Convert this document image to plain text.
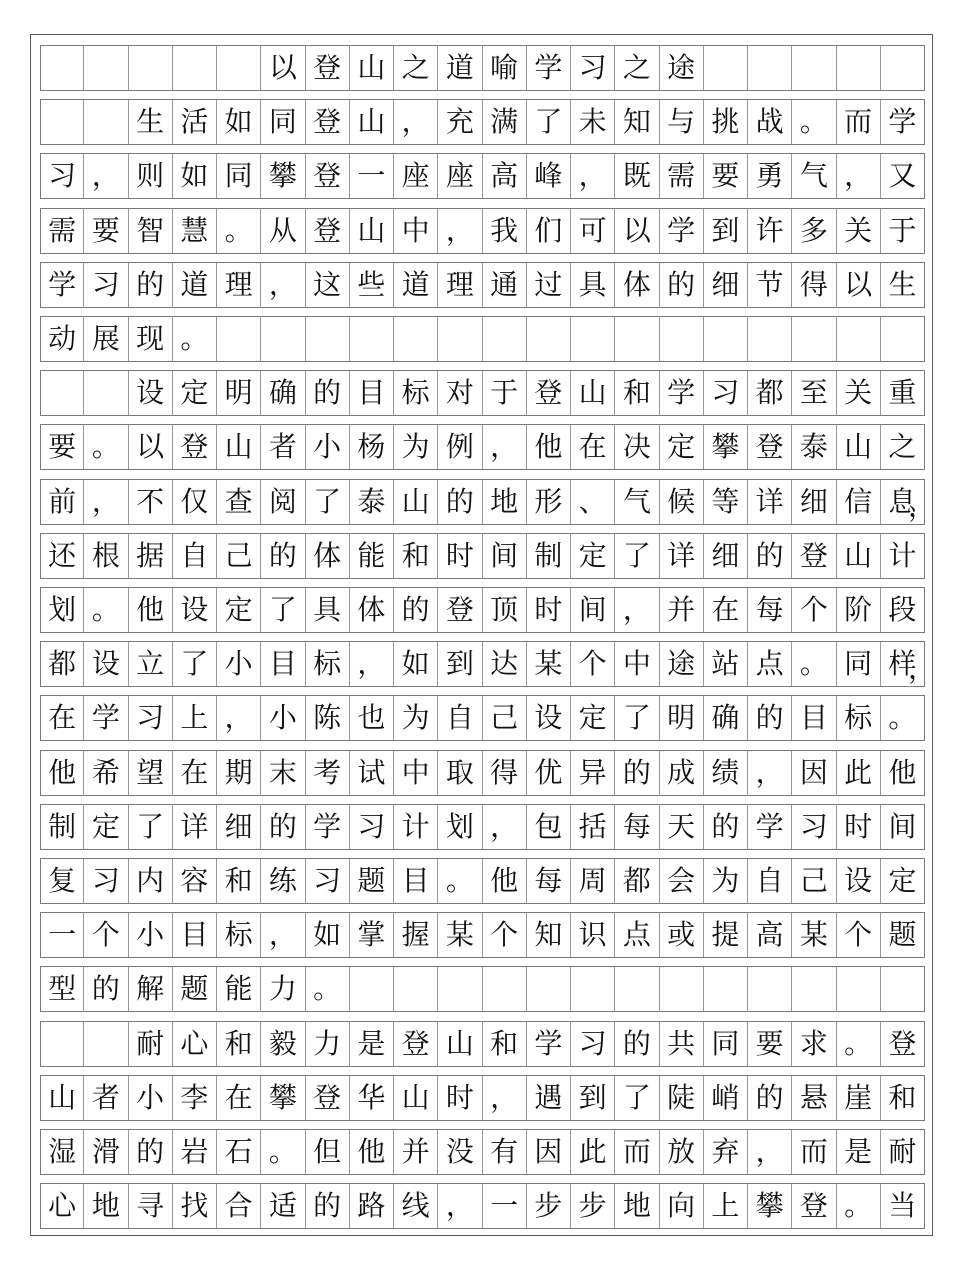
以 登 山 之 道 喻 学 习 之 途
生 活 如 同 登 山 ， 充 满 了 未 知 与 挑 战 。 而 学
习 ， 则 如 同 攀 登 一 座 座 高 峰 ， 既 需 要 勇 气 ， 又
需 要 智 慧 。 从 登 山 中 ， 我 们 可 以 学 到 许 多 关 于
学 习 的 道 理 ， 这 些 道 理 通 过 具 体 的 细 节 得 以 生
动 展 现 。
设 定 明 确 的 目 标 对 于 登 山 和 学 习 都 至 关 重
要 。 以 登 山 者 小 杨 为 例 ， 他 在 决 定 攀 登 泰 山 之
前 ， 不 仅 查 阅 了 泰 山 的 地 形 、 气 候 等 详 细 信 息
还 根 据 自 己 的 体 能 和 时 间 制 定 了 详 细 的 登 山 计
划 。 他 设 定 了 具 体 的 登 顶 时 间 ， 并 在 每 个 阶 段
都 设 立 了 小 目 标 ， 如 到 达 某 个 中 途 站 点 。 同 样
在 学 习 上 ， 小 陈 也 为 自 己 设 定 了 明 确 的 目 标 。
他 希 望 在 期 末 考 试 中 取 得 优 异 的 成 绩 ， 因 此 他
制 定 了 详 细 的 学 习 计 划 ， 包 括 每 天 的 学 习 时 间
复 习 内 容 和 练 习 题 目 。 他 每 周 都 会 为 自 己 设 定
一 个 小 目 标 ， 如 掌 握 某 个 知 识 点 或 提 高 某 个 题
型 的 解 题 能 力 。
耐 心 和 毅 力 是 登 山 和 学 习 的 共 同 要 求 。 登
山 者 小 李 在 攀 登 华 山 时 ， 遇 到 了 陡 峭 的 悬 崖 和
湿 滑 的 岩 石 。 但 他 并 没 有 因 此 而 放 弃 ， 而 是 耐
心 地 寻 找 合 适 的 路 线 ， 一 步 步 地 向 上 攀 登 。 当
，
，
